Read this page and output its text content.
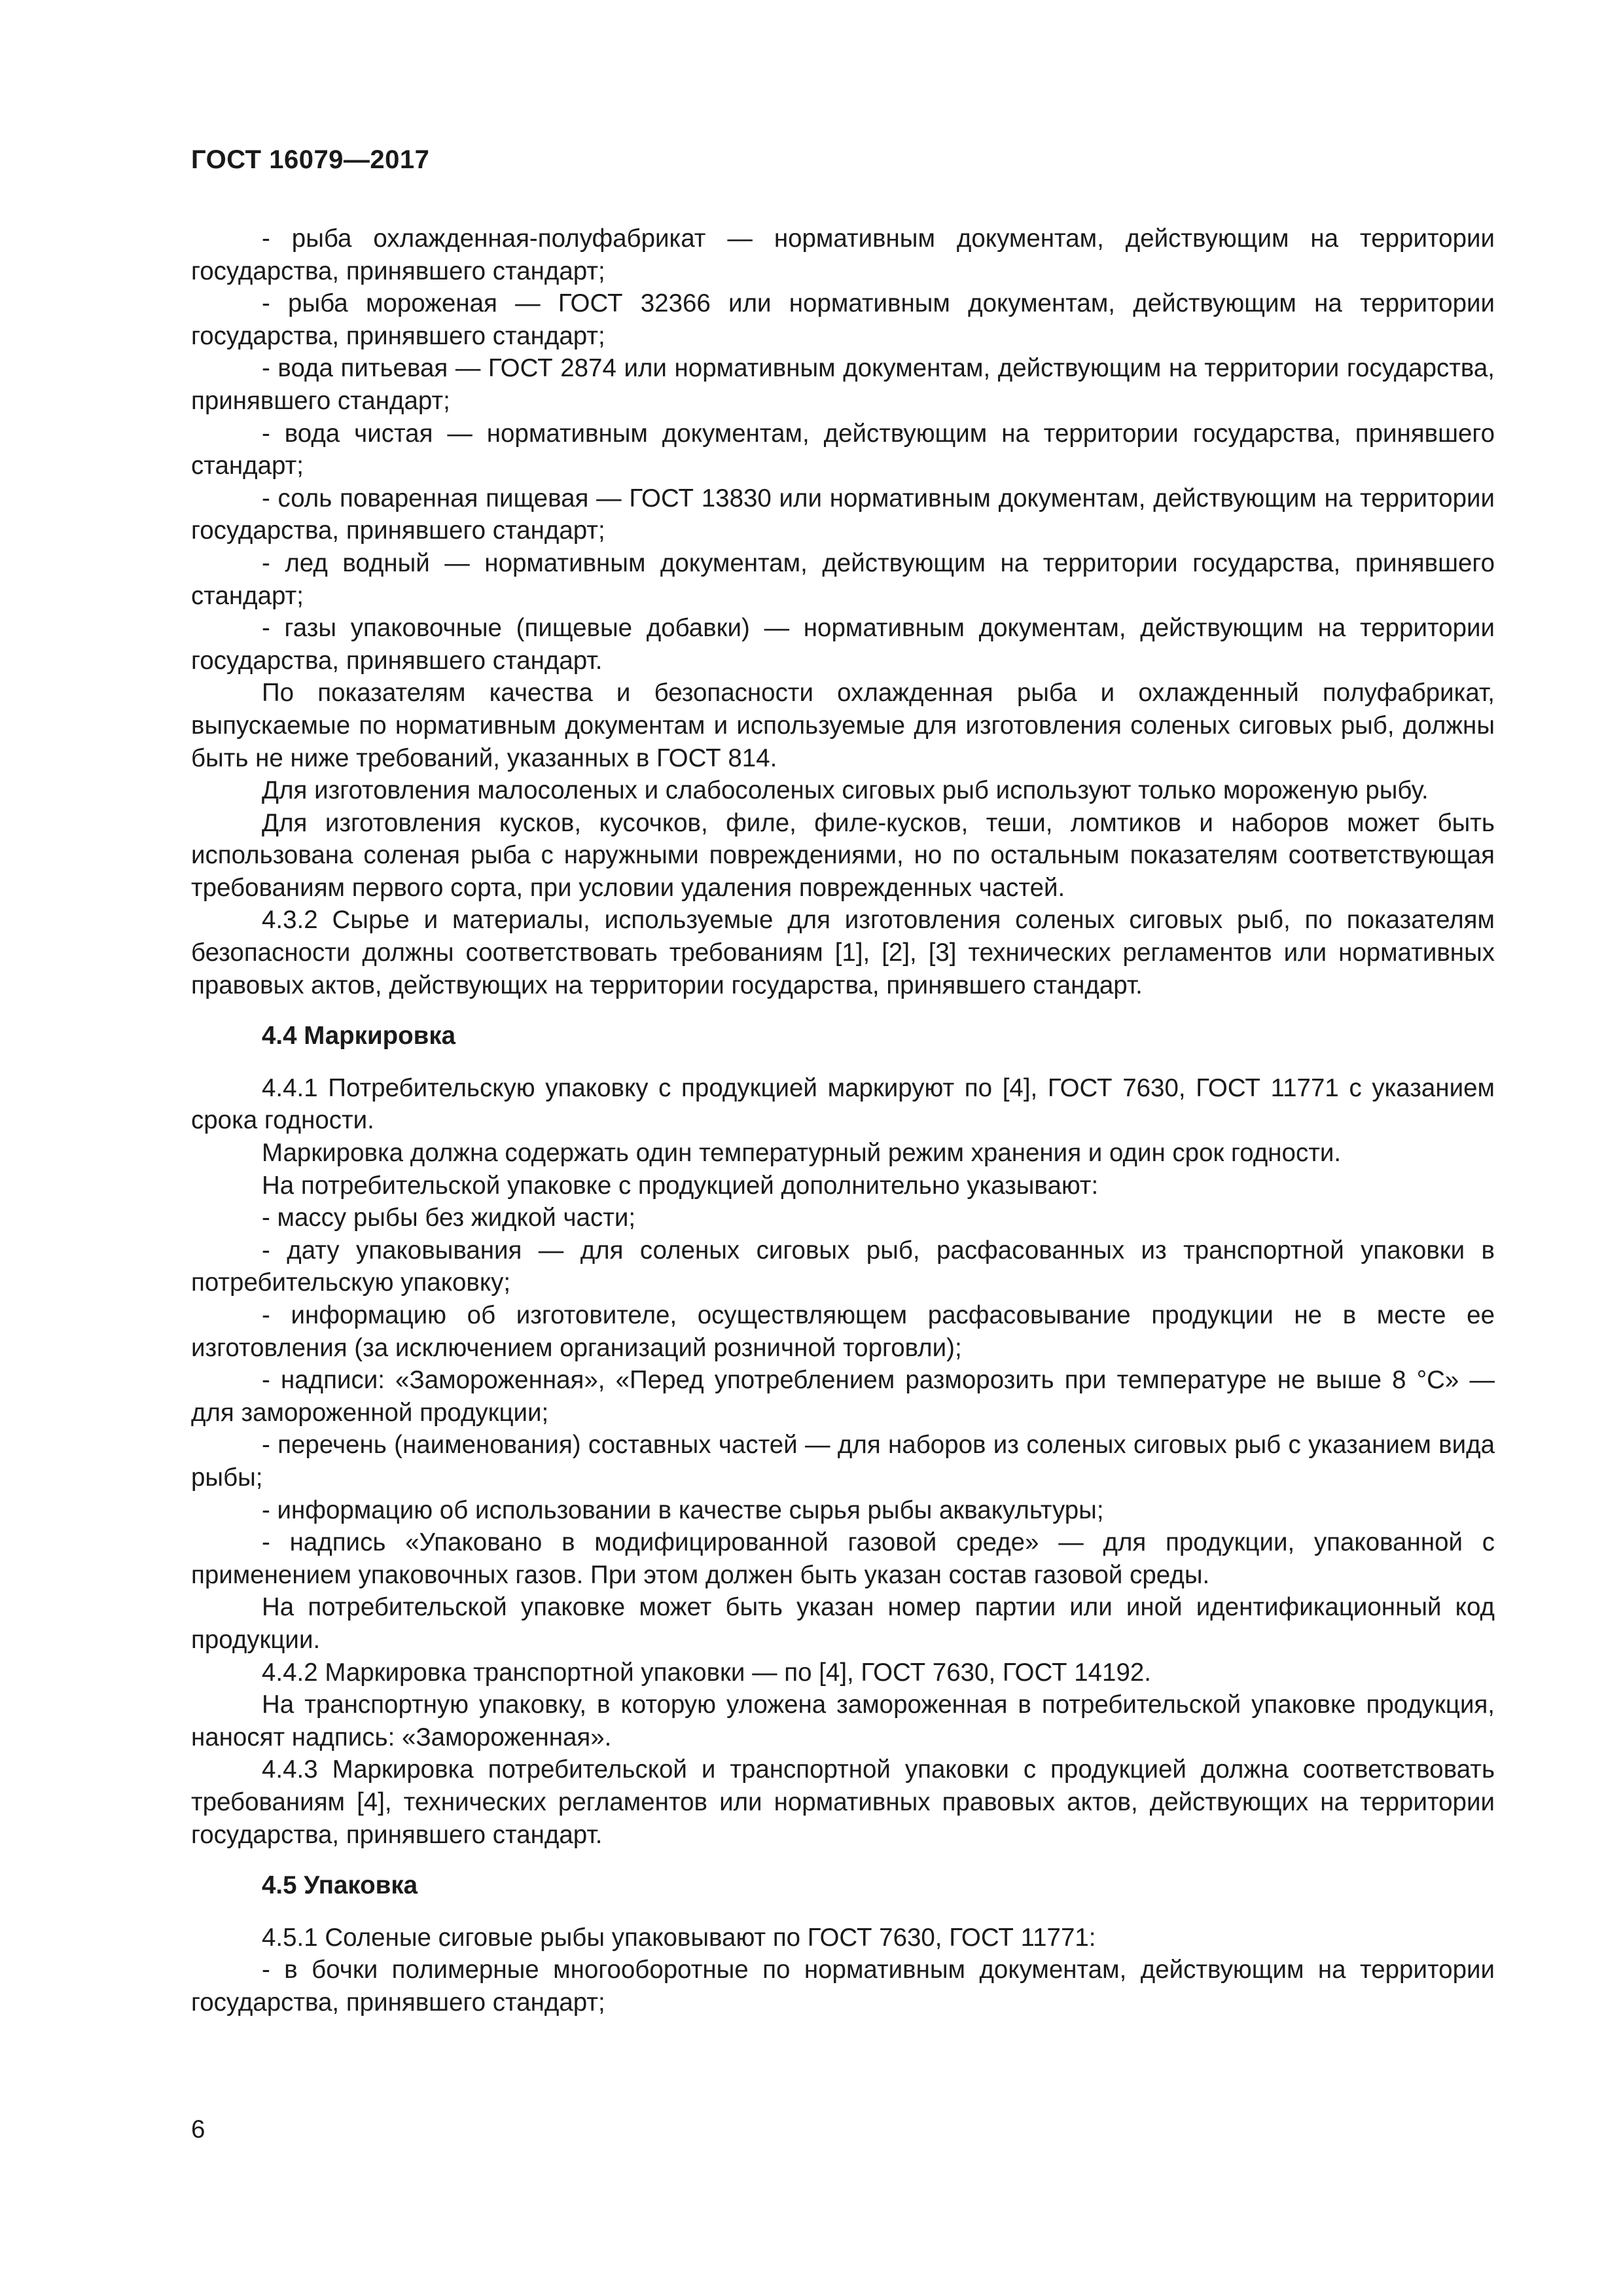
ГОСТ 16079—2017

- рыба охлажденная-полуфабрикат — нормативным документам, действующим на территории государства, принявшего стандарт;

- рыба мороженая — ГОСТ 32366 или нормативным документам, действующим на территории государства, принявшего стандарт;

- вода питьевая — ГОСТ 2874 или нормативным документам, действующим на территории государства, принявшего стандарт;

- вода чистая — нормативным документам, действующим на территории государства, принявшего стандарт;

- соль поваренная пищевая — ГОСТ 13830 или нормативным документам, действующим на территории государства, принявшего стандарт;

- лед водный — нормативным документам, действующим на территории государства, принявшего стандарт;

- газы упаковочные (пищевые добавки) — нормативным документам, действующим на территории государства, принявшего стандарт.

По показателям качества и безопасности охлажденная рыба и охлажденный полуфабрикат, выпускаемые по нормативным документам и используемые для изготовления соленых сиговых рыб, должны быть не ниже требований, указанных в ГОСТ 814.

Для изготовления малосоленых и слабосоленых сиговых рыб используют только мороженую рыбу.

Для изготовления кусков, кусочков, филе, филе-кусков, теши, ломтиков и наборов может быть использована соленая рыба с наружными повреждениями, но по остальным показателям соответствующая требованиям первого сорта, при условии удаления поврежденных частей.

4.3.2 Сырье и материалы, используемые для изготовления соленых сиговых рыб, по показателям безопасности должны соответствовать требованиям [1], [2], [3] технических регламентов или нормативных правовых актов, действующих на территории государства, принявшего стандарт.

4.4 Маркировка

4.4.1 Потребительскую упаковку с продукцией маркируют по [4], ГОСТ 7630, ГОСТ 11771 с указанием срока годности.

Маркировка должна содержать один температурный режим хранения и один срок годности.

На потребительской упаковке с продукцией дополнительно указывают:

- массу рыбы без жидкой части;

- дату упаковывания — для соленых сиговых рыб, расфасованных из транспортной упаковки в потребительскую упаковку;

- информацию об изготовителе, осуществляющем расфасовывание продукции не в месте ее изготовления (за исключением организаций розничной торговли);

- надписи: «Замороженная», «Перед употреблением разморозить при температуре не выше 8 °С» — для замороженной продукции;

- перечень (наименования) составных частей — для наборов из соленых сиговых рыб с указанием вида рыбы;

- информацию об использовании в качестве сырья рыбы аквакультуры;

- надпись «Упаковано в модифицированной газовой среде» — для продукции, упакованной с применением упаковочных газов. При этом должен быть указан состав газовой среды.

На потребительской упаковке может быть указан номер партии или иной идентификационный код продукции.

4.4.2 Маркировка транспортной упаковки — по [4], ГОСТ 7630, ГОСТ 14192.

На транспортную упаковку, в которую уложена замороженная в потребительской упаковке продукция, наносят надпись: «Замороженная».

4.4.3 Маркировка потребительской и транспортной упаковки с продукцией должна соответствовать требованиям [4], технических регламентов или нормативных правовых актов, действующих на территории государства, принявшего стандарт.

4.5 Упаковка

4.5.1 Соленые сиговые рыбы упаковывают по ГОСТ 7630, ГОСТ 11771:

- в бочки полимерные многооборотные по нормативным документам, действующим на территории государства, принявшего стандарт;

6
